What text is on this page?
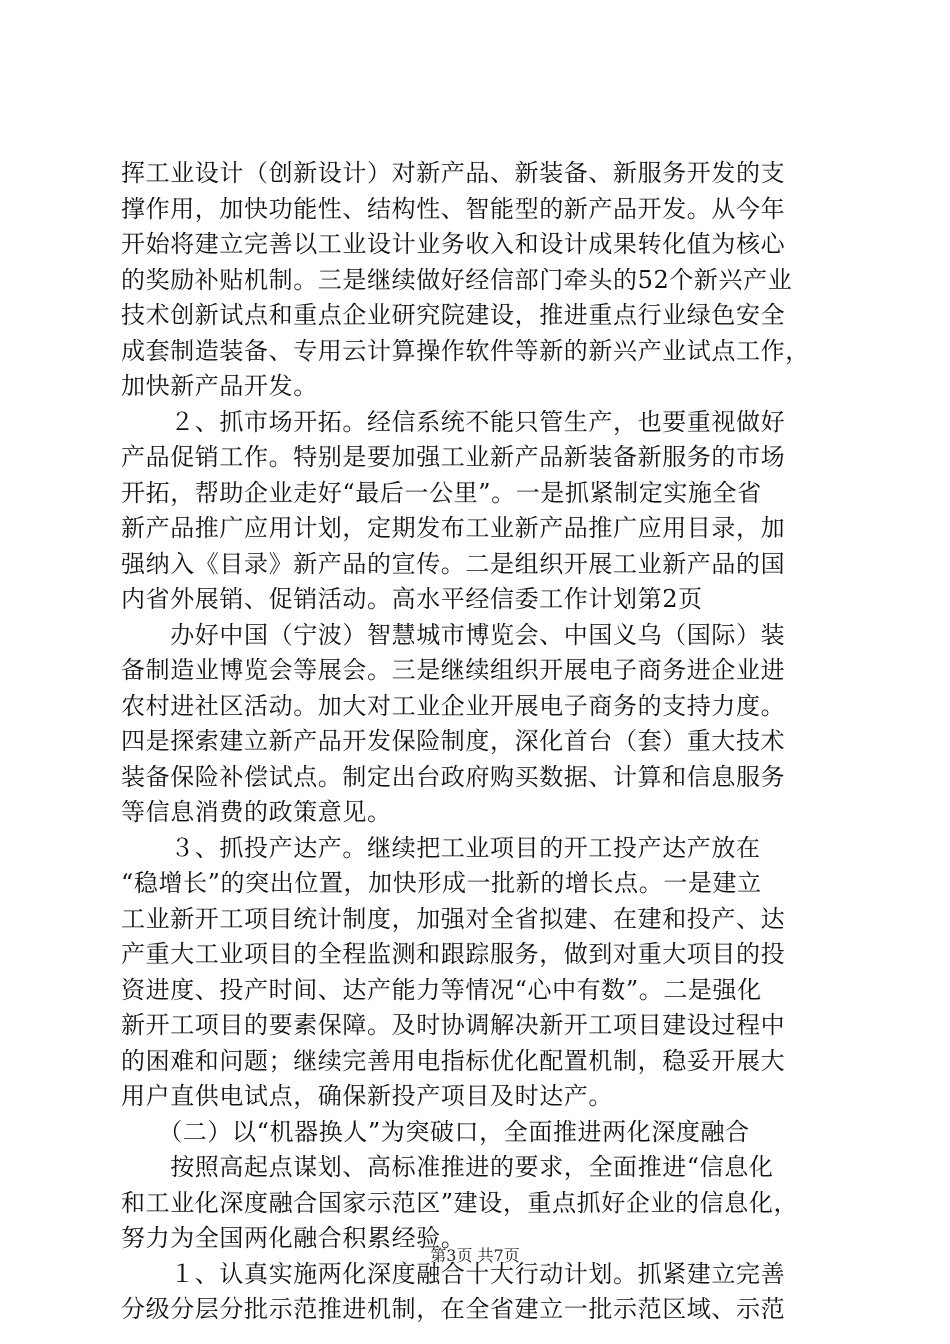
挥工业设计（创新设计）对新产品、新装备、新服务开发的支
撑作用，加快功能性、结构性、智能型的新产品开发。从今年
开始将建立完善以工业设计业务收入和设计成果转化值为核心
的奖励补贴机制。三是继续做好经信部门牵头的52个新兴产业
技术创新试点和重点企业研究院建设，推进重点行业绿色安全
成套制造装备、专用云计算操作软件等新的新兴产业试点工作，
加快新产品开发。
　　２、抓市场开拓。经信系统不能只管生产，也要重视做好
产品促销工作。特别是要加强工业新产品新装备新服务的市场
开拓，帮助企业走好“最后一公里”。一是抓紧制定实施全省
新产品推广应用计划，定期发布工业新产品推广应用目录，加
强纳入《目录》新产品的宣传。二是组织开展工业新产品的国
内省外展销、促销活动。高水平经信委工作计划第2页
　　办好中国（宁波）智慧城市博览会、中国义乌（国际）装
备制造业博览会等展会。三是继续组织开展电子商务进企业进
农村进社区活动。加大对工业企业开展电子商务的支持力度。
四是探索建立新产品开发保险制度，深化首台（套）重大技术
装备保险补偿试点。制定出台政府购买数据、计算和信息服务
等信息消费的政策意见。
　　３、抓投产达产。继续把工业项目的开工投产达产放在
“稳增长”的突出位置，加快形成一批新的增长点。一是建立
工业新开工项目统计制度，加强对全省拟建、在建和投产、达
产重大工业项目的全程监测和跟踪服务，做到对重大项目的投
资进度、投产时间、达产能力等情况“心中有数”。二是强化
新开工项目的要素保障。及时协调解决新开工项目建设过程中
的困难和问题；继续完善用电指标优化配置机制，稳妥开展大
用户直供电试点，确保新投产项目及时达产。
　　（二）以“机器换人”为突破口，全面推进两化深度融合
　　按照高起点谋划、高标准推进的要求，全面推进“信息化
和工业化深度融合国家示范区”建设，重点抓好企业的信息化，
努力为全国两化融合积累经验。
　　１、认真实施两化深度融合十大行动计划。抓紧建立完善
分级分层分批示范推进机制，在全省建立一批示范区域、示范
第3页 共7页
